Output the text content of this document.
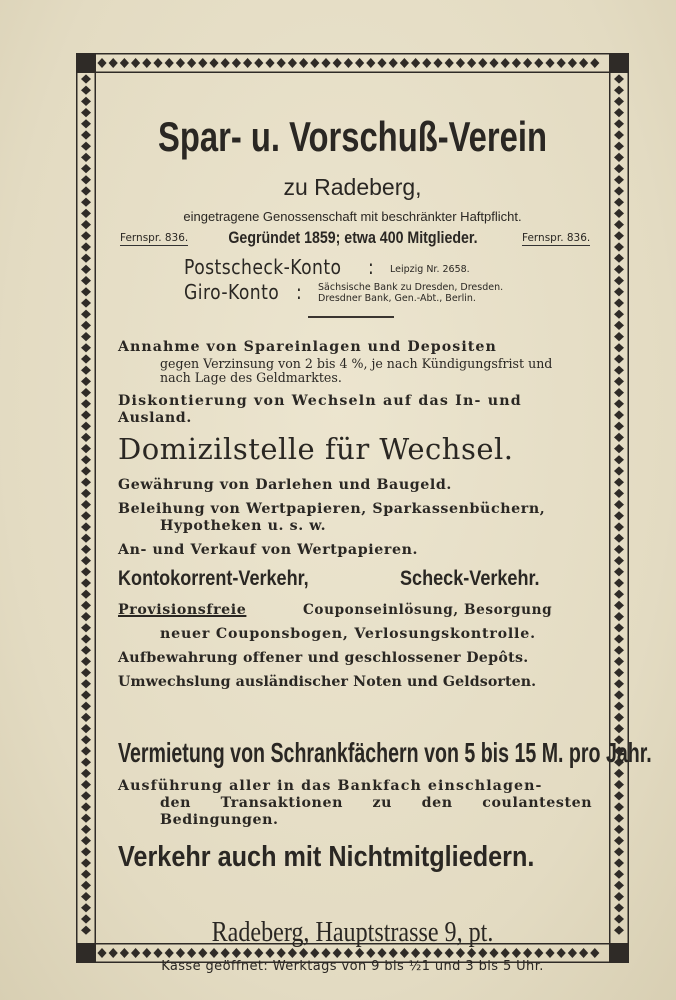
Spar- u. Vorschuß-Verein
zu Radeberg,
eingetragene Genossenschaft mit beschränkter Haftpflicht.
Fernspr. 836.	Gegründet 1859; etwa 400 Mitglieder.	Fernspr. 836.
Postscheck-Konto : Leipzig Nr. 2658.
Giro-Konto : Sächsische Bank zu Dresden, Dresden.
Dresdner Bank, Gen.-Abt., Berlin.
Annahme von Spareinlagen und Depositen
gegen Verzinsung von 2 bis 4 %, je nach Kündigungsfrist und
nach Lage des Geldmarktes.
Diskontierung von Wechseln auf das In- und
Ausland.
Domizilstelle für Wechsel.
Gewährung von Darlehen und Baugeld.
Beleihung von Wertpapieren, Sparkassenbüchern,
Hypotheken u. s. w.
An- und Verkauf von Wertpapieren.
Kontokorrent-Verkehr,	Scheck-Verkehr.
Provisionsfreie	Couponseinlösung, Besorgung
neuer Couponsbogen, Verlosungskontrolle.
Aufbewahrung offener und geschlossener Depôts.
Umwechslung ausländischer Noten und Geldsorten.
Vermietung von Schrankfächern von 5 bis 15 M. pro Jahr.
Ausführung aller in das Bankfach einschlagen-
den Transaktionen zu den coulantesten
Bedingungen.
Verkehr auch mit Nichtmitgliedern.
Radeberg, Hauptstrasse 9, pt.
Kasse geöffnet: Werktags von 9 bis ½1 und 3 bis 5 Uhr.
